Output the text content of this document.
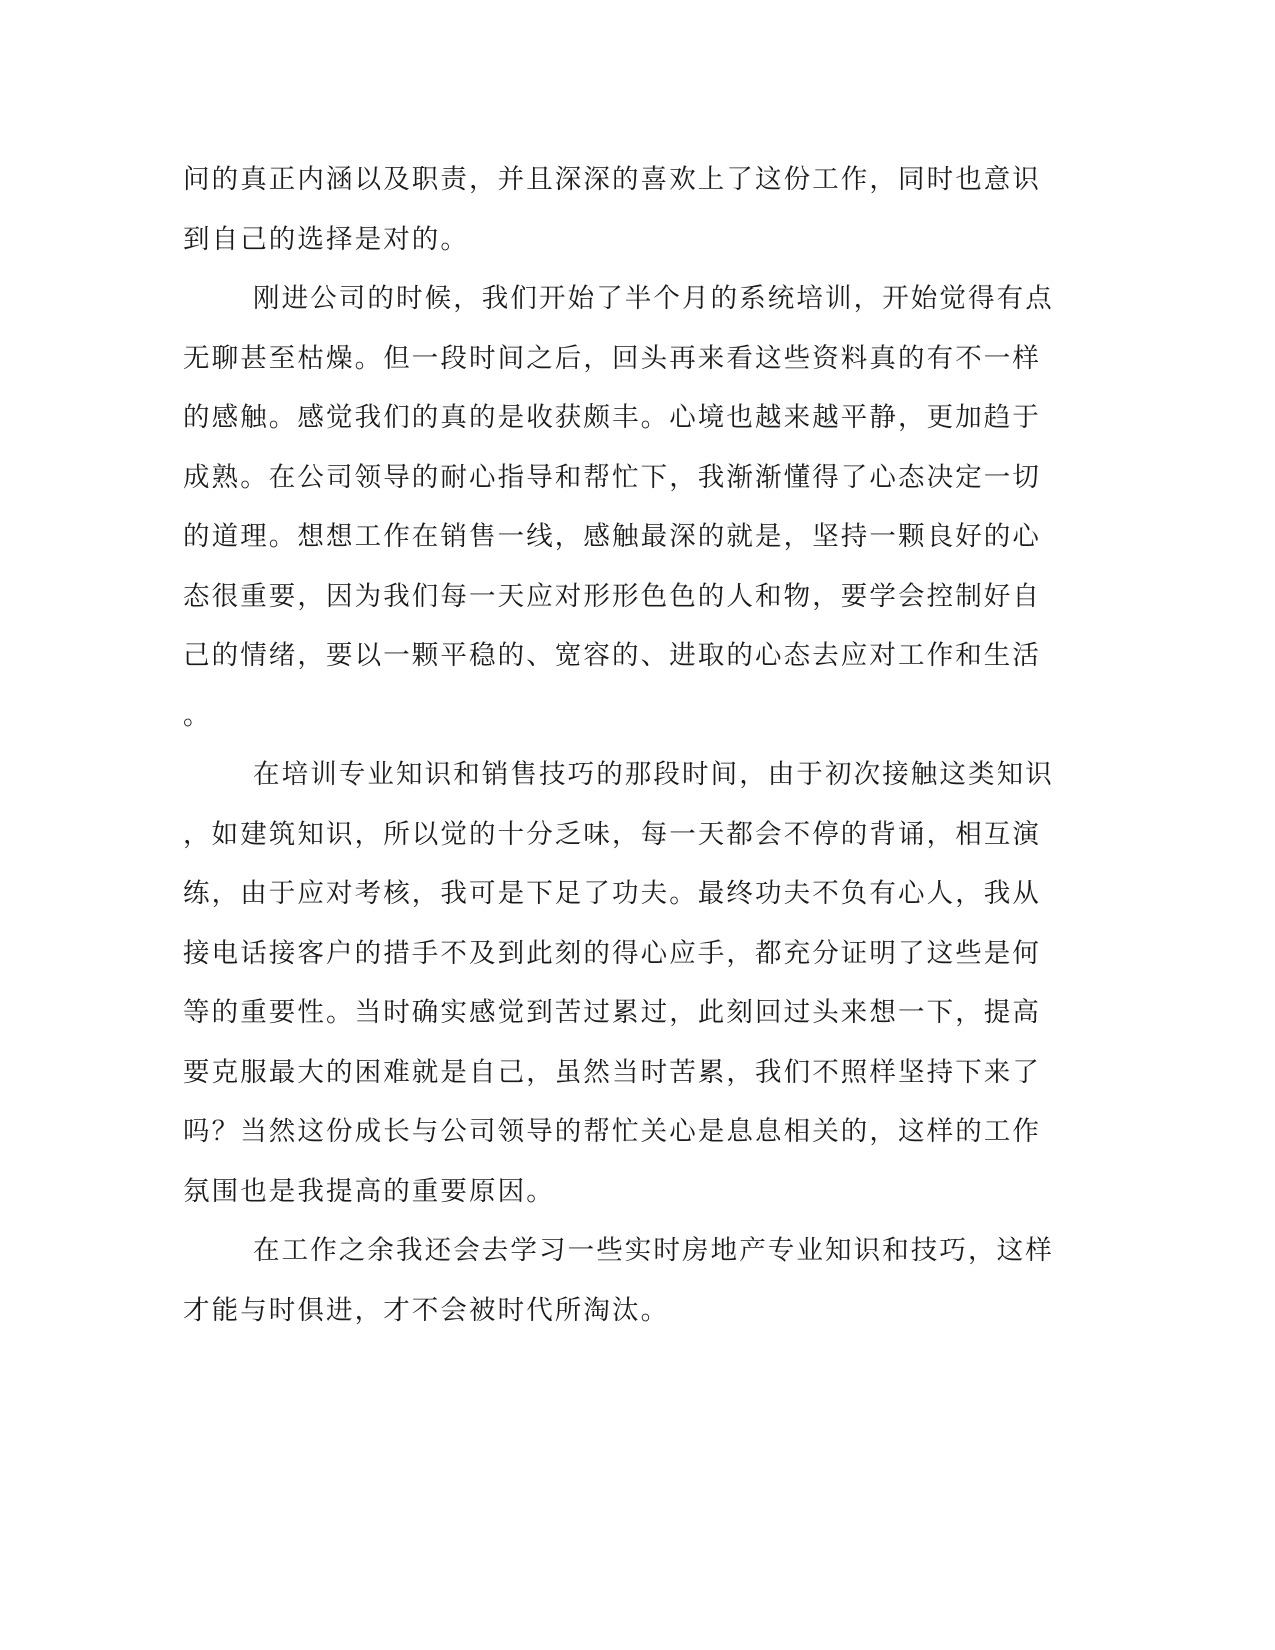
问的真正内涵以及职责，并且深深的喜欢上了这份工作，同时也意识
到自己的选择是对的。
刚进公司的时候，我们开始了半个月的系统培训，开始觉得有点
无聊甚至枯燥。但一段时间之后，回头再来看这些资料真的有不一样
的感触。感觉我们的真的是收获颇丰。心境也越来越平静，更加趋于
成熟。在公司领导的耐心指导和帮忙下，我渐渐懂得了心态决定一切
的道理。想想工作在销售一线，感触最深的就是，坚持一颗良好的心
态很重要，因为我们每一天应对形形色色的人和物，要学会控制好自
己的情绪，要以一颗平稳的、宽容的、进取的心态去应对工作和生活
。
在培训专业知识和销售技巧的那段时间，由于初次接触这类知识
，如建筑知识，所以觉的十分乏味，每一天都会不停的背诵，相互演
练，由于应对考核，我可是下足了功夫。最终功夫不负有心人，我从
接电话接客户的措手不及到此刻的得心应手，都充分证明了这些是何
等的重要性。当时确实感觉到苦过累过，此刻回过头来想一下，提高
要克服最大的困难就是自己，虽然当时苦累，我们不照样坚持下来了
吗？当然这份成长与公司领导的帮忙关心是息息相关的，这样的工作
氛围也是我提高的重要原因。
在工作之余我还会去学习一些实时房地产专业知识和技巧，这样
才能与时俱进，才不会被时代所淘汰。
